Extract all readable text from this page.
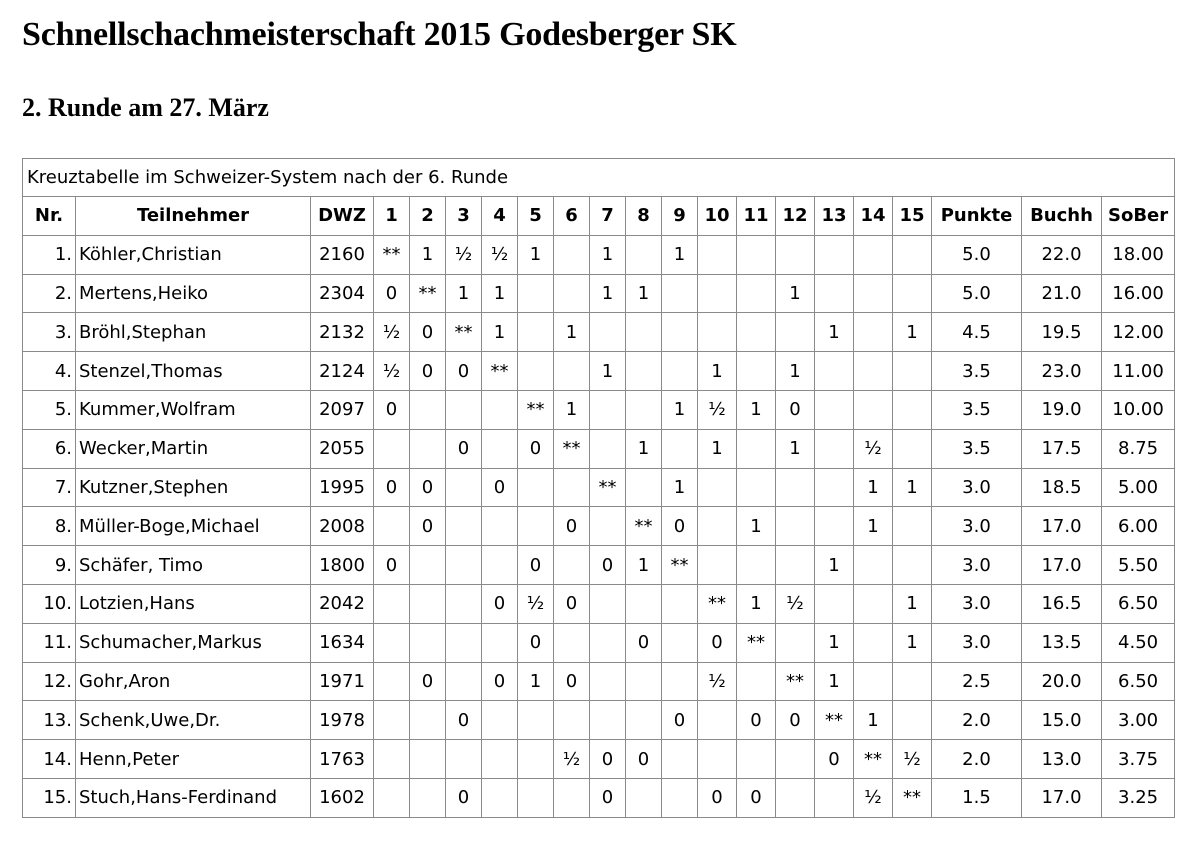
Schnellschachmeisterschaft 2015 Godesberger SK
2. Runde am 27. März
Kreuztabelle im Schweizer-System nach der 6. Runde																				
Nr.	Teilnehmer	DWZ	1	2	3	4	5	6	7	8	9	10	11	12	13	14	15	Punkte	Buchh	SoBer
1.	Köhler,Christian	2160	**	1	½	½	1		1		1							5.0	22.0	18.00
2.	Mertens,Heiko	2304	0	**	1	1			1	1				1				5.0	21.0	16.00
3.	Bröhl,Stephan	2132	½	0	**	1		1							1		1	4.5	19.5	12.00
4.	Stenzel,Thomas	2124	½	0	0	**			1			1		1				3.5	23.0	11.00
5.	Kummer,Wolfram	2097	0				**	1			1	½	1	0				3.5	19.0	10.00
6.	Wecker,Martin	2055			0		0	**		1		1		1		½		3.5	17.5	8.75
7.	Kutzner,Stephen	1995	0	0		0			**		1					1	1	3.0	18.5	5.00
8.	Müller-Boge,Michael	2008		0				0		**	0		1			1		3.0	17.0	6.00
9.	Schäfer, Timo	1800	0				0		0	1	**				1			3.0	17.0	5.50
10.	Lotzien,Hans	2042				0	½	0				**	1	½			1	3.0	16.5	6.50
11.	Schumacher,Markus	1634					0			0		0	**		1		1	3.0	13.5	4.50
12.	Gohr,Aron	1971		0		0	1	0				½		**	1			2.5	20.0	6.50
13.	Schenk,Uwe,Dr.	1978			0						0		0	0	**	1		2.0	15.0	3.00
14.	Henn,Peter	1763						½	0	0					0	**	½	2.0	13.0	3.75
15.	Stuch,Hans-Ferdinand	1602			0				0			0	0			½	**	1.5	17.0	3.25
